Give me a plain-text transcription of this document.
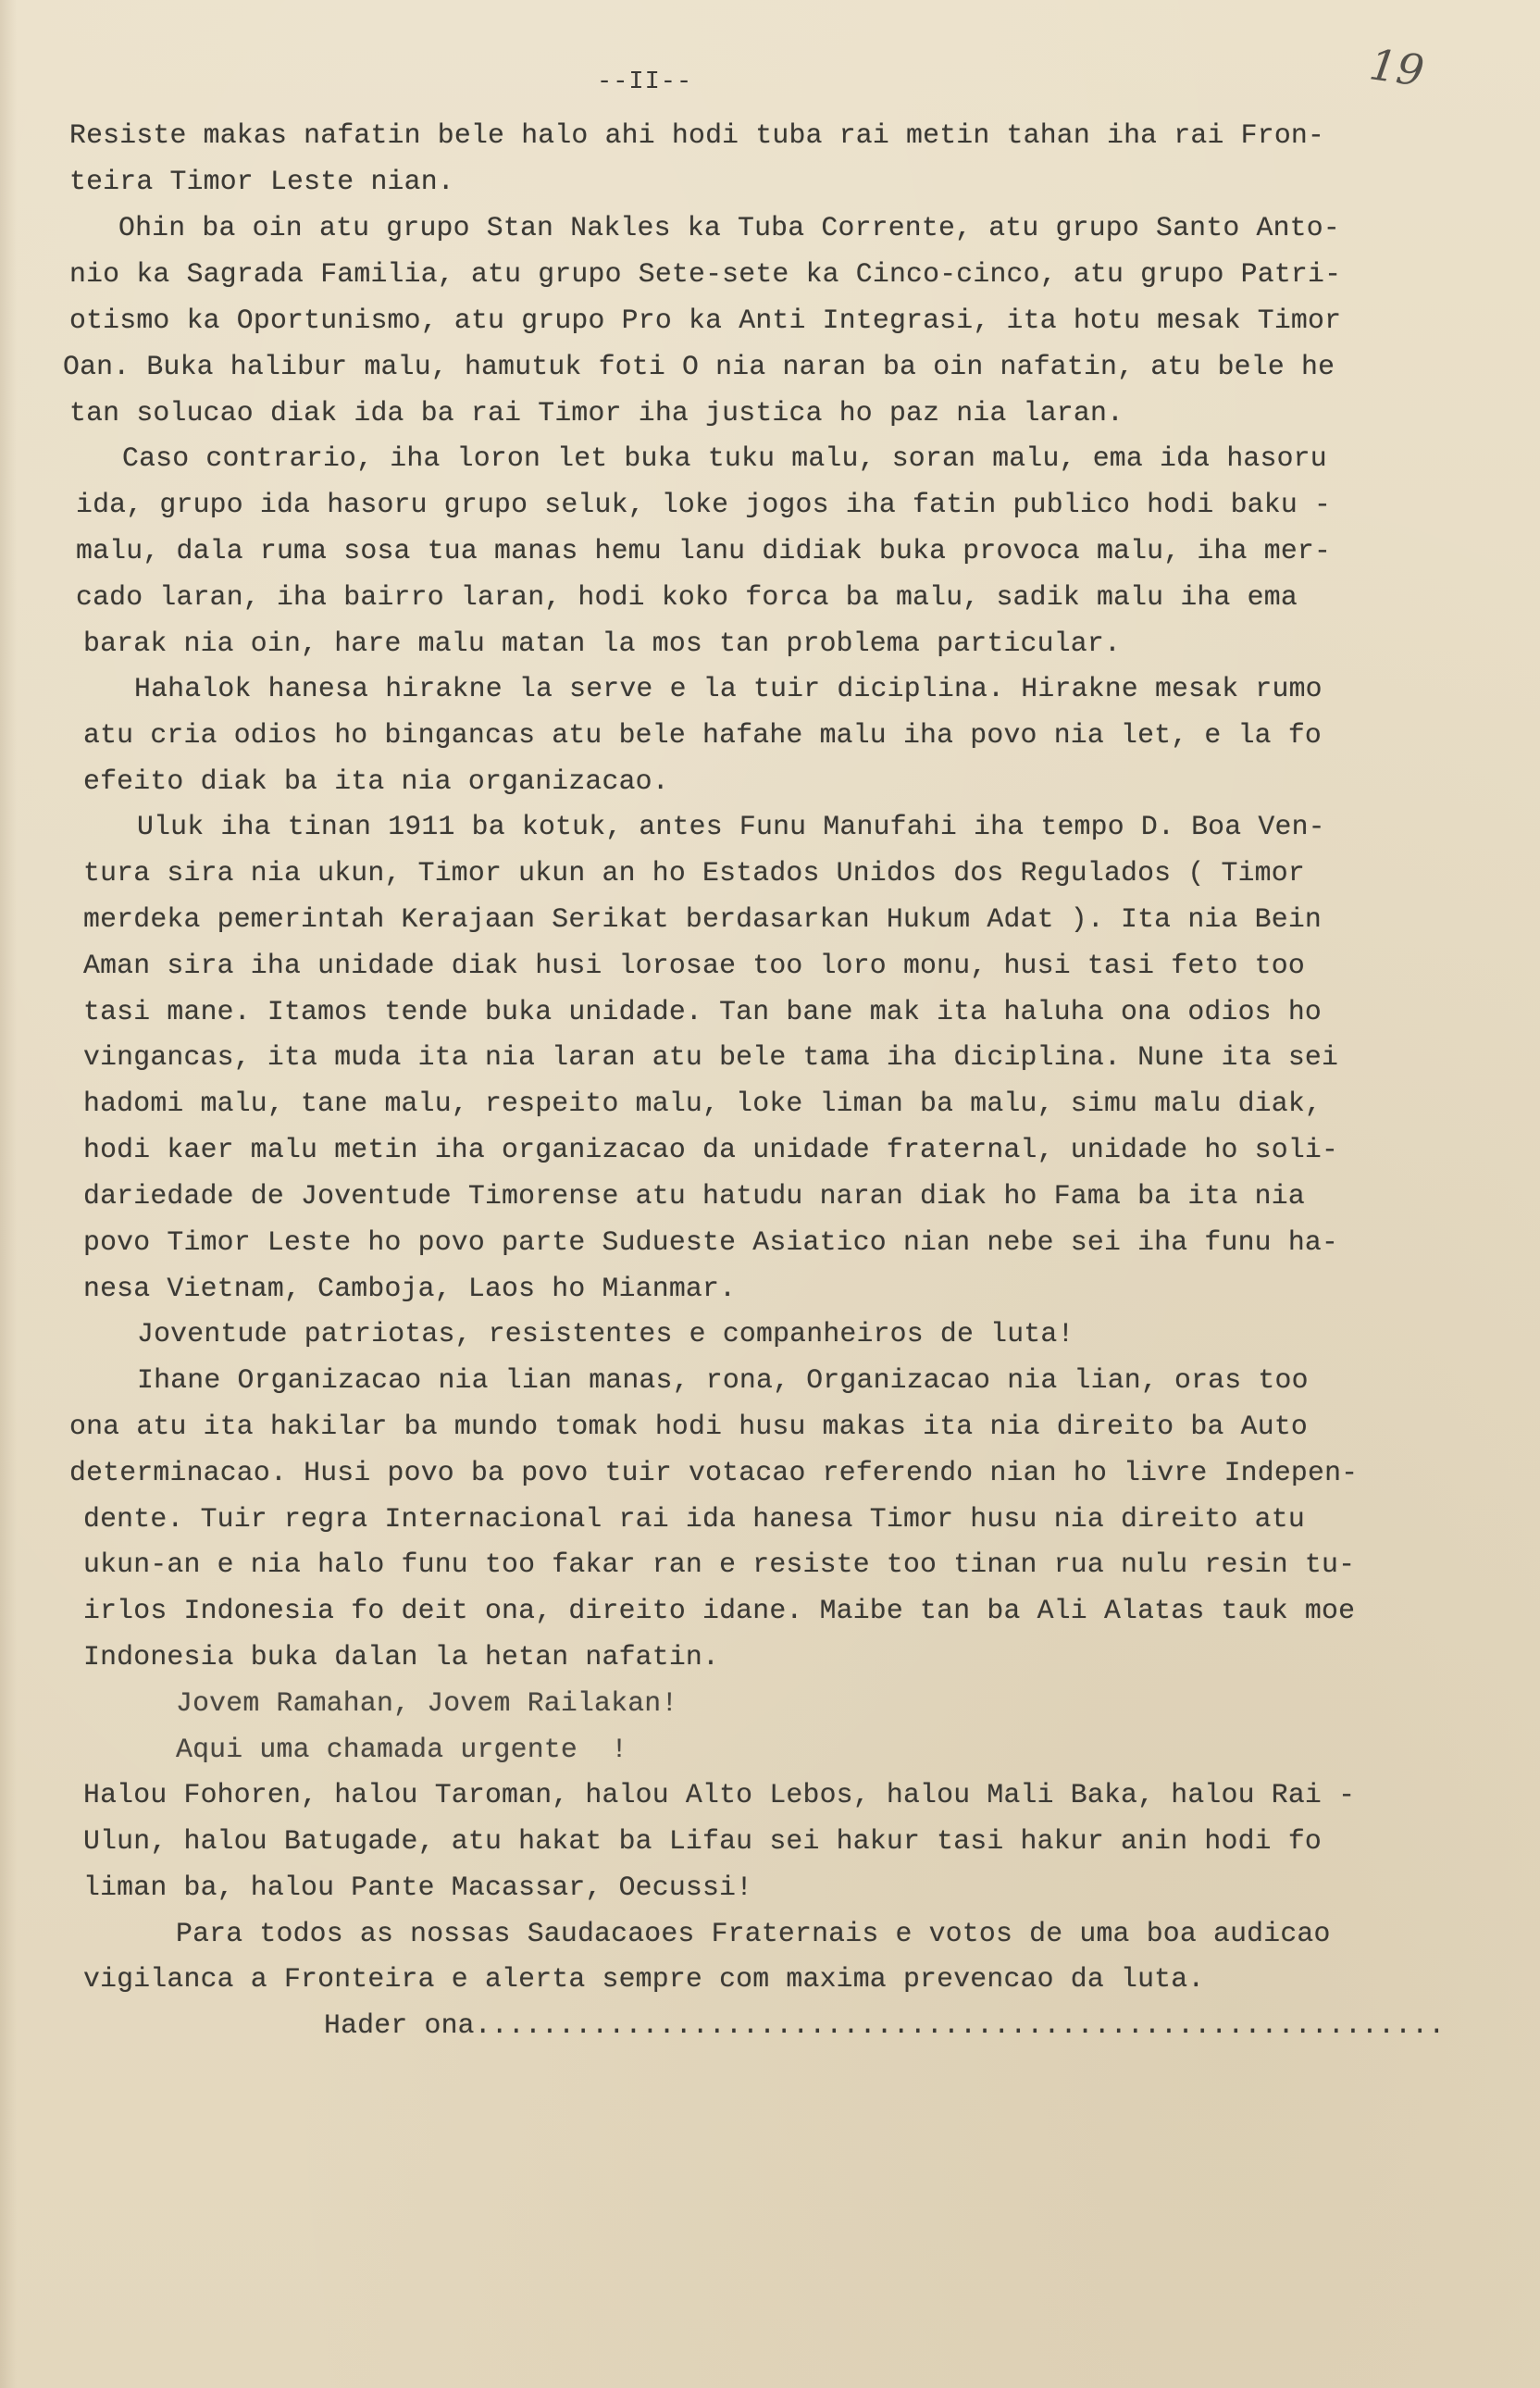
--II--	19
Resiste makas nafatin bele halo ahi hodi tuba rai metin tahan iha rai Fron-
teira Timor Leste nian.
Ohin ba oin atu grupo Stan Nakles ka Tuba Corrente, atu grupo Santo Anto-
nio ka Sagrada Familia, atu grupo Sete-sete ka Cinco-cinco, atu grupo Patri-
otismo ka Oportunismo, atu grupo Pro ka Anti Integrasi, ita hotu mesak Timor
Oan. Buka halibur malu, hamutuk foti O nia naran ba oin nafatin, atu bele he
tan solucao diak ida ba rai Timor iha justica ho paz nia laran.
Caso contrario, iha loron let buka tuku malu, soran malu, ema ida hasoru
ida, grupo ida hasoru grupo seluk, loke jogos iha fatin publico hodi baku -
malu, dala ruma sosa tua manas hemu lanu didiak buka provoca malu, iha mer-
cado laran, iha bairro laran, hodi koko forca ba malu, sadik malu iha ema
barak nia oin, hare malu matan la mos tan problema particular.
Hahalok hanesa hirakne la serve e la tuir diciplina. Hirakne mesak rumo
atu cria odios ho bingancas atu bele hafahe malu iha povo nia let, e la fo
efeito diak ba ita nia organizacao.
Uluk iha tinan 1911 ba kotuk, antes Funu Manufahi iha tempo D. Boa Ven-
tura sira nia ukun, Timor ukun an ho Estados Unidos dos Regulados ( Timor
merdeka pemerintah Kerajaan Serikat berdasarkan Hukum Adat ). Ita nia Bein
Aman sira iha unidade diak husi lorosae too loro monu, husi tasi feto too
tasi mane. Itamos tende buka unidade. Tan bane mak ita haluha ona odios ho
vingancas, ita muda ita nia laran atu bele tama iha diciplina. Nune ita sei
hadomi malu, tane malu, respeito malu, loke liman ba malu, simu malu diak,
hodi kaer malu metin iha organizacao da unidade fraternal, unidade ho soli-
dariedade de Joventude Timorense atu hatudu naran diak ho Fama ba ita nia
povo Timor Leste ho povo parte Sudueste Asiatico nian nebe sei iha funu ha-
nesa Vietnam, Camboja, Laos ho Mianmar.
Joventude patriotas, resistentes e companheiros de luta!
Ihane Organizacao nia lian manas, rona, Organizacao nia lian, oras too
ona atu ita hakilar ba mundo tomak hodi husu makas ita nia direito ba Auto
determinacao. Husi povo ba povo tuir votacao referendo nian ho livre Indepen-
dente. Tuir regra Internacional rai ida hanesa Timor husu nia direito atu
ukun-an e nia halo funu too fakar ran e resiste too tinan rua nulu resin tu-
irlos Indonesia fo deit ona, direito idane. Maibe tan ba Ali Alatas tauk moe
Indonesia buka dalan la hetan nafatin.
Jovem Ramahan, Jovem Railakan!
Aqui uma chamada urgente  !
Halou Fohoren, halou Taroman, halou Alto Lebos, halou Mali Baka, halou Rai -
Ulun, halou Batugade, atu hakat ba Lifau sei hakur tasi hakur anin hodi fo
liman ba, halou Pante Macassar, Oecussi!
Para todos as nossas Saudacaoes Fraternais e votos de uma boa audicao
vigilanca a Fronteira e alerta sempre com maxima prevencao da luta.
Hader ona..........................................................
